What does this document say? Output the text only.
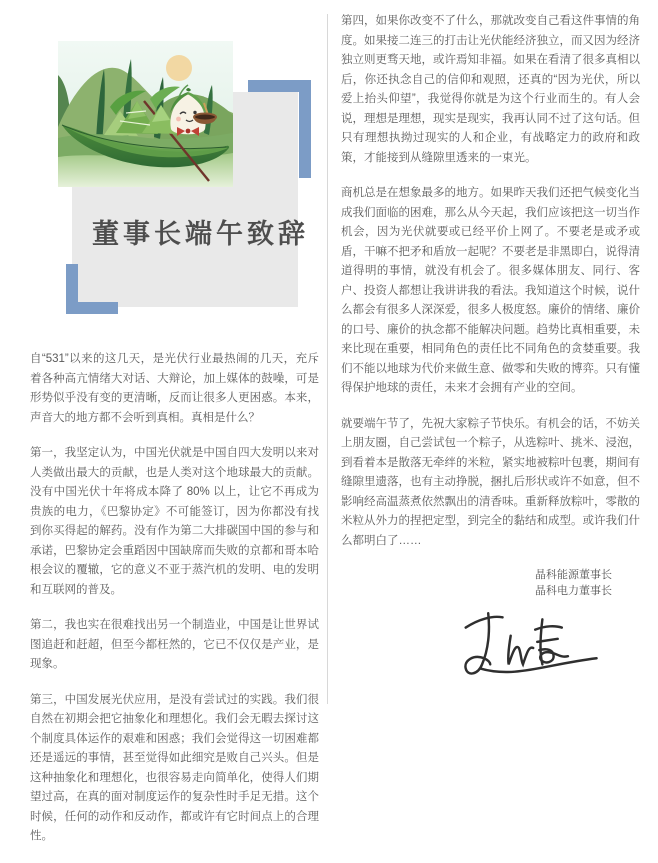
董事长端午致辞

自“531”以来的这几天，是光伏行业最热闹的几天，充斥着各种高亢情绪大对话、大辩论，加上媒体的鼓噪，可是形势似乎没有变的更清晰，反而让很多人更困惑。本来，声音大的地方都不会听到真相。真相是什么？

第一，我坚定认为，中国光伏就是中国自四大发明以来对人类做出最大的贡献，也是人类对这个地球最大的贡献。没有中国光伏十年将成本降了 80% 以上，让它不再成为贵族的电力，《巴黎协定》不可能签订，因为你都没有找到你买得起的解药。没有作为第二大排碳国中国的参与和承诺，巴黎协定会重蹈因中国缺席而失败的京都和哥本哈根会议的覆辙，它的意义不亚于蒸汽机的发明、电的发明和互联网的普及。

第二，我也实在很难找出另一个制造业，中国是让世界试图追赶和赶超，但至今都枉然的，它已不仅仅是产业，是现象。

第三，中国发展光伏应用，是没有尝试过的实践。我们很自然在初期会把它抽象化和理想化。我们会无暇去探讨这个制度具体运作的艰难和困惑；我们会觉得这一切困难都还是遥远的事情，甚至觉得如此细究是败自己兴头。但是这种抽象化和理想化，也很容易走向简单化，使得人们期望过高，在真的面对制度运作的复杂性时手足无措。这个时候，任何的动作和反动作，都或许有它时间点上的合理性。

第四，如果你改变不了什么，那就改变自己看这件事情的角度。如果接二连三的打击让光伏能经济独立，而又因为经济独立则更骛天地，或许焉知非福。如果在看清了很多真相以后，你还执念自己的信仰和观照，还真的“因为光伏，所以爱上抬头仰望”，我觉得你就是为这个行业而生的。有人会说，理想是理想，现实是现实，我再认同不过了这句话。但只有理想执拗过现实的人和企业，有战略定力的政府和政策，才能接到从缝隙里透来的一束光。

商机总是在想象最多的地方。如果昨天我们还把气候变化当成我们面临的困难，那么从今天起，我们应该把这一切当作机会，因为光伏就要或已经平价上网了。不要老是或矛或盾，干嘛不把矛和盾放一起呢？不要老是非黑即白，说得清道得明的事情，就没有机会了。很多媒体朋友、同行、客户、投资人都想让我讲讲我的看法。我知道这个时候，说什么都会有很多人深深爱，很多人极度怒。廉价的情绪、廉价的口号、廉价的执念都不能解决问题。趋势比真相重要，未来比现在重要，相同角色的责任比不同角色的贪婪重要。我们不能以地球为代价来做生意、做零和失败的博弈。只有懂得保护地球的责任，未来才会拥有产业的空间。

就要端午节了，先祝大家粽子节快乐。有机会的话，不妨关上朋友圈，自己尝试包一个粽子，从选粽叶、挑米、浸泡，到看着本是散落无牵绊的米粒，紧实地被粽叶包裹，期间有缝隙里遗落，也有主动挣脱，捆扎后形状或许不如意，但不影响经高温蒸煮依然飘出的清香味。重新释放粽叶，零散的米粒从外力的捏把定型，到完全的黏结和成型。或许我们什么都明白了……

晶科能源董事长
晶科电力董事长
